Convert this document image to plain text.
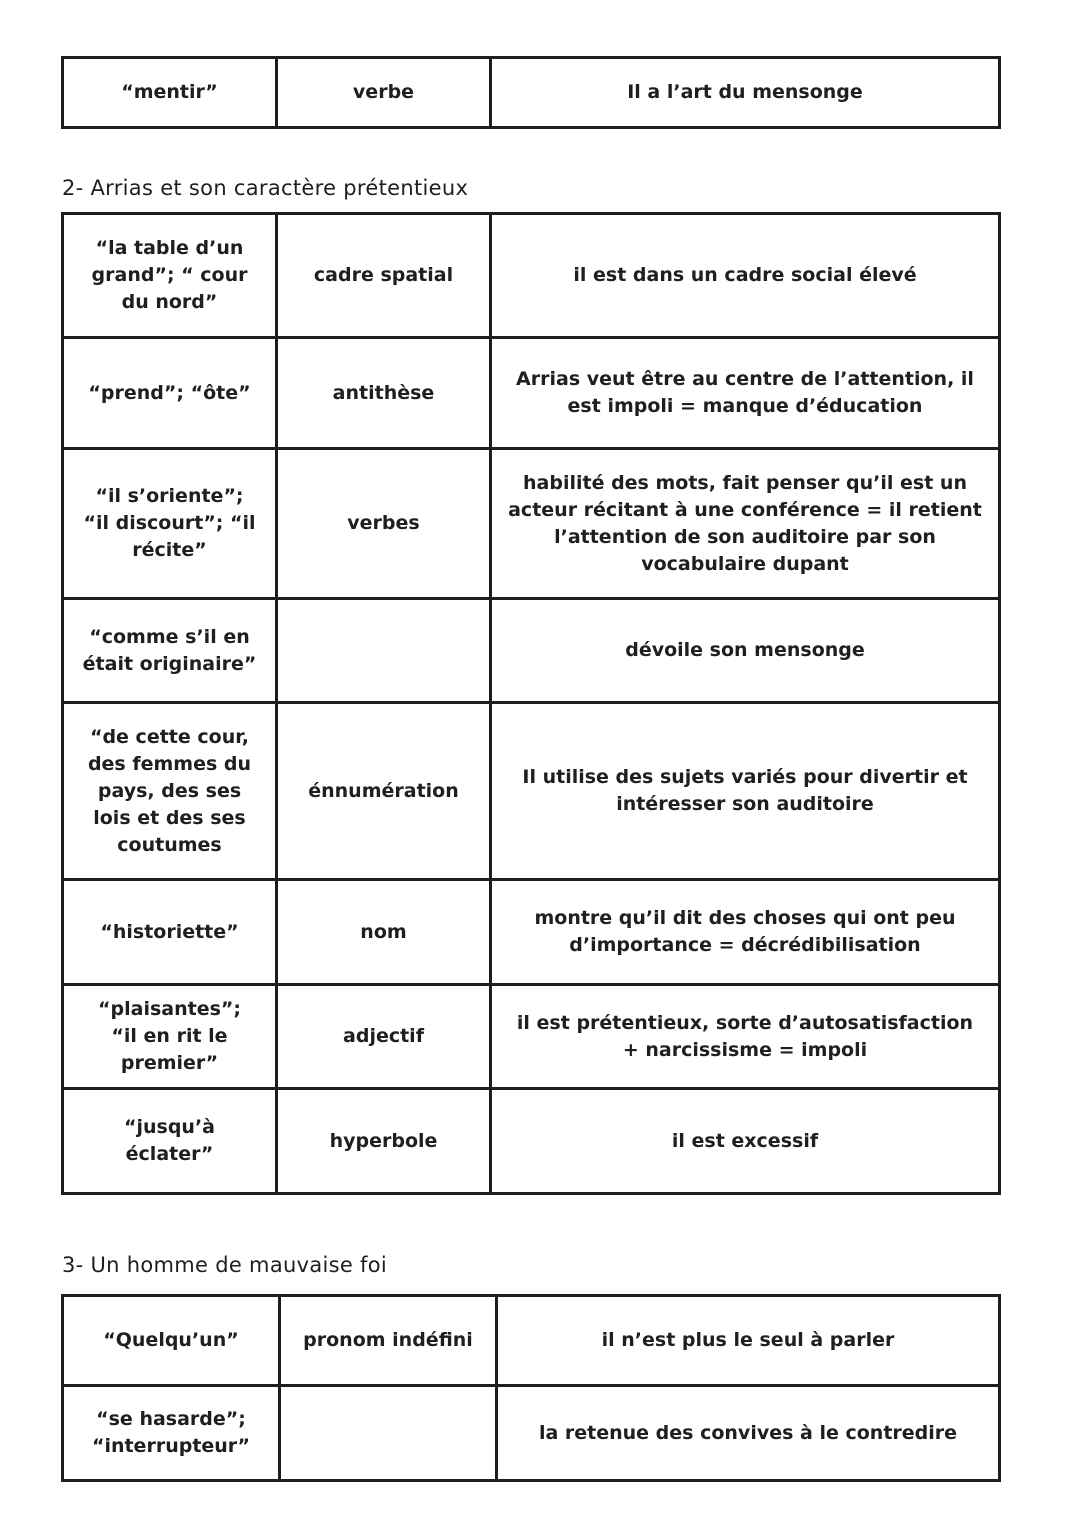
“mentir”	verbe	Il a l’art du mensonge
2- Arrias et son caractère prétentieux
“la table d’un grand”; “ cour du nord”	cadre spatial	il est dans un cadre social élevé
“prend”; “ôte”	antithèse	Arrias veut être au centre de l’attention, il est impoli = manque d’éducation
“il s’oriente”; “il discourt”; “il récite”	verbes	habilité des mots, fait penser qu’il est un acteur récitant à une conférence = il retient l’attention de son auditoire par son vocabulaire dupant
“comme s’il en était originaire”		dévoile son mensonge
“de cette cour, des femmes du pays, des ses lois et des ses coutumes	énnumération	Il utilise des sujets variés pour divertir et intéresser son auditoire
“historiette”	nom	montre qu’il dit des choses qui ont peu d’importance = décrédibilisation
“plaisantes”; “il en rit le premier”	adjectif	il est prétentieux, sorte d’autosatisfaction + narcissisme = impoli
“jusqu’à éclater”	hyperbole	il est excessif
3- Un homme de mauvaise foi
“Quelqu’un”	pronom indéfini	il n’est plus le seul à parler
“se hasarde”; “interrupteur”		la retenue des convives à le contredire
